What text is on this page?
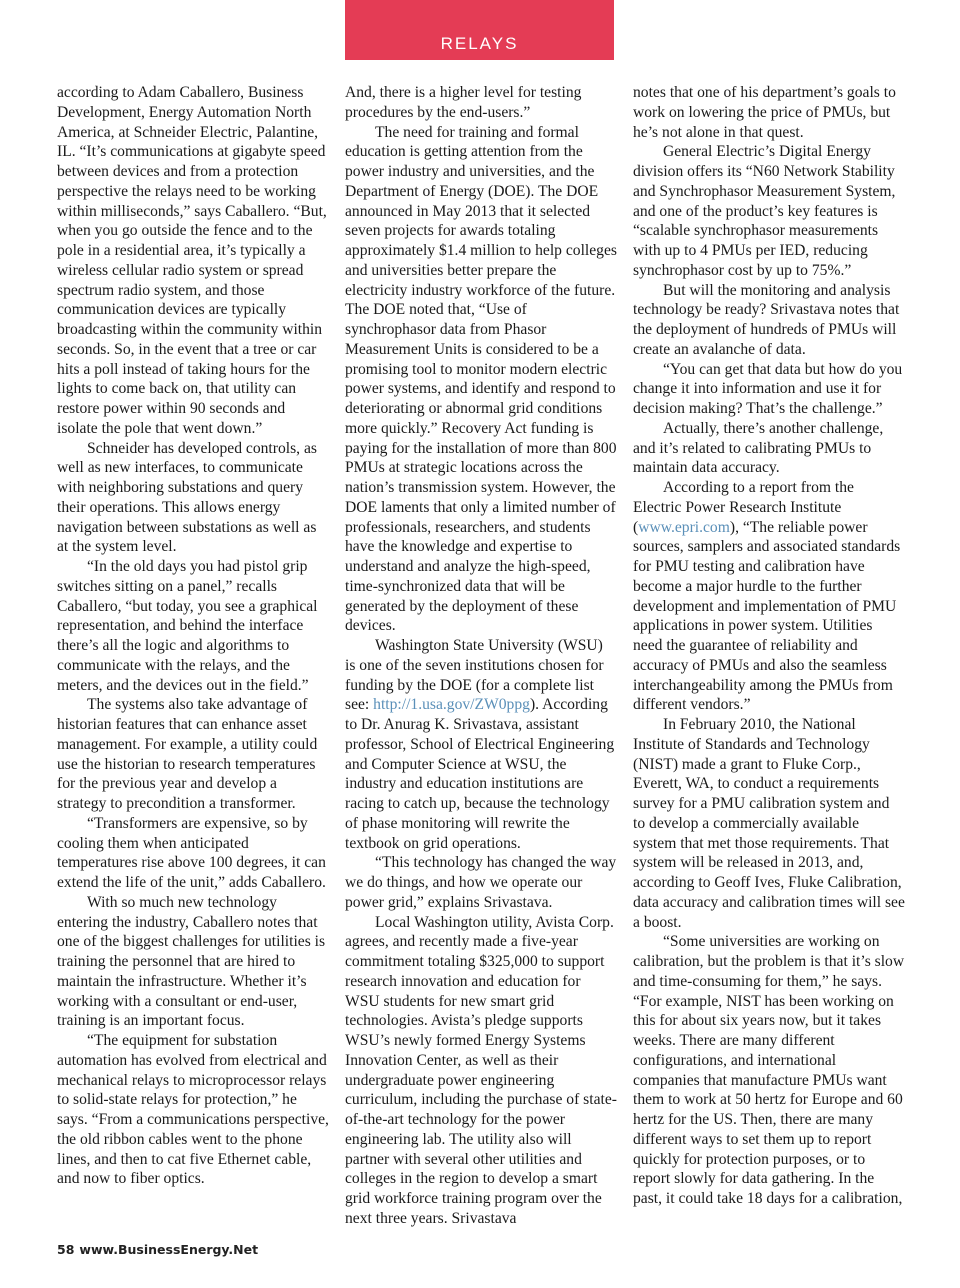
RELAYS

according to Adam Caballero, Business Development, Energy Automation North America, at Schneider Electric, Palantine, IL. “It’s communications at gigabyte speed between devices and from a protection perspective the relays need to be working within milliseconds,” says Caballero. “But, when you go outside the fence and to the pole in a residential area, it’s typically a wireless cellular radio system or spread spectrum radio system, and those communication devices are typically broadcasting within the community within seconds. So, in the event that a tree or car hits a poll instead of taking hours for the lights to come back on, that utility can restore power within 90 seconds and isolate the pole that went down.”

Schneider has developed controls, as well as new interfaces, to communicate with neighboring substations and query their operations. This allows energy navigation between substations as well as at the system level.

“In the old days you had pistol grip switches sitting on a panel,” recalls Caballero, “but today, you see a graphical representation, and behind the interface there’s all the logic and algorithms to communicate with the relays, and the meters, and the devices out in the field.”

The systems also take advantage of historian features that can enhance asset management. For example, a utility could use the historian to research temperatures for the previous year and develop a strategy to precondition a transformer.

“Transformers are expensive, so by cooling them when anticipated temperatures rise above 100 degrees, it can extend the life of the unit,” adds Caballero.

With so much new technology entering the industry, Caballero notes that one of the biggest challenges for utilities is training the personnel that are hired to maintain the infrastructure. Whether it’s working with a consultant or end-user, training is an important focus.

“The equipment for substation automation has evolved from electrical and mechanical relays to microprocessor relays to solid-state relays for protection,” he says. “From a communications perspective, the old ribbon cables went to the phone lines, and then to cat five Ethernet cable, and now to fiber optics.

And, there is a higher level for testing procedures by the end-users.”

The need for training and formal education is getting attention from the power industry and universities, and the Department of Energy (DOE). The DOE announced in May 2013 that it selected seven projects for awards totaling approximately $1.4 million to help colleges and universities better prepare the electricity industry workforce of the future. The DOE noted that, “Use of synchrophasor data from Phasor Measurement Units is considered to be a promising tool to monitor modern electric power systems, and identify and respond to deteriorating or abnormal grid conditions more quickly.” Recovery Act funding is paying for the installation of more than 800 PMUs at strategic locations across the nation’s transmission system. However, the DOE laments that only a limited number of professionals, researchers, and students have the knowledge and expertise to understand and analyze the high-speed, time-synchronized data that will be generated by the deployment of these devices.

Washington State University (WSU) is one of the seven institutions chosen for funding by the DOE (for a complete list see: http://1.usa.gov/ZW0ppg). According to Dr. Anurag K. Srivastava, assistant professor, School of Electrical Engineering and Computer Science at WSU, the industry and education institutions are racing to catch up, because the technology of phase monitoring will rewrite the textbook on grid operations.

“This technology has changed the way we do things, and how we operate our power grid,” explains Srivastava.

Local Washington utility, Avista Corp. agrees, and recently made a five-year commitment totaling $325,000 to support research innovation and education for WSU students for new smart grid technologies. Avista’s pledge supports WSU’s newly formed Energy Systems Innovation Center, as well as their undergraduate power engineering curriculum, including the purchase of state-of-the-art technology for the power engineering lab. The utility also will partner with several other utilities and colleges in the region to develop a smart grid workforce training program over the next three years. Srivastava

notes that one of his department’s goals to work on lowering the price of PMUs, but he’s not alone in that quest.

General Electric’s Digital Energy division offers its “N60 Network Stability and Synchrophasor Measurement System, and one of the product’s key features is “scalable synchrophasor measurements with up to 4 PMUs per IED, reducing synchrophasor cost by up to 75%.”

But will the monitoring and analysis technology be ready? Srivastava notes that the deployment of hundreds of PMUs will create an avalanche of data.

“You can get that data but how do you change it into information and use it for decision making? That’s the challenge.”

Actually, there’s another challenge, and it’s related to calibrating PMUs to maintain data accuracy.

According to a report from the Electric Power Research Institute (www.epri.com), “The reliable power sources, samplers and associated standards for PMU testing and calibration have become a major hurdle to the further development and implementation of PMU applications in power system. Utilities need the guarantee of reliability and accuracy of PMUs and also the seamless interchangeability among the PMUs from different vendors.”

In February 2010, the National Institute of Standards and Technology (NIST) made a grant to Fluke Corp., Everett, WA, to conduct a requirements survey for a PMU calibration system and to develop a commercially available system that met those requirements. That system will be released in 2013, and, according to Geoff Ives, Fluke Calibration, data accuracy and calibration times will see a boost.

“Some universities are working on calibration, but the problem is that it’s slow and time-consuming for them,” he says. “For example, NIST has been working on this for about six years now, but it takes weeks. There are many different configurations, and international companies that manufacture PMUs want them to work at 50 hertz for Europe and 60 hertz for the US. Then, there are many different ways to set them up to report quickly for protection purposes, or to report slowly for data gathering. In the past, it could take 18 days for a calibration,

58 www.BusinessEnergy.Net
